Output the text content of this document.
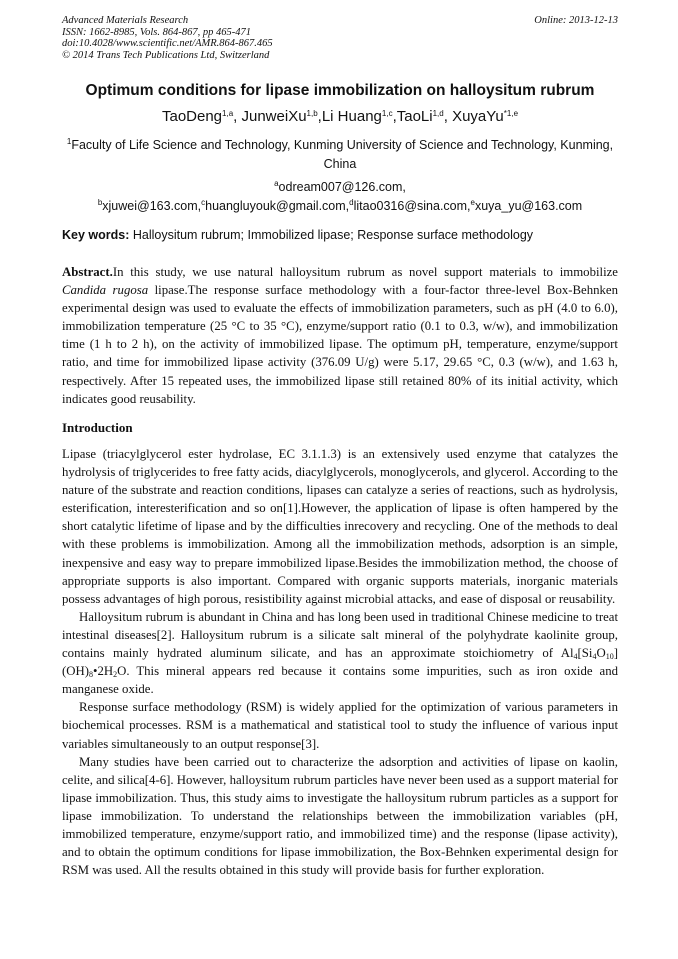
Advanced Materials Research
ISSN: 1662-8985, Vols. 864-867, pp 465-471
doi:10.4028/www.scientific.net/AMR.864-867.465
© 2014 Trans Tech Publications Ltd, Switzerland
Online: 2013-12-13
Optimum conditions for lipase immobilization on halloysitum rubrum
TaoDeng$^{1,a}$, JunweiXu$^{1,b}$,Li Huang$^{1,c}$,TaoLi$^{1,d}$, XuyaYu$^{*1,e}$
$^1$Faculty of Life Science and Technology, Kunming University of Science and Technology, Kunming, China
$^a$odream007@126.com,
$^b$xjuwei@163.com,$^c$huangluyouk@gmail.com,$^d$litao0316@sina.com,$^e$xuya_yu@163.com
Key words: Halloysitum rubrum; Immobilized lipase; Response surface methodology
Abstract.In this study, we use natural halloysitum rubrum as novel support materials to immobilize Candida rugosa lipase.The response surface methodology with a four-factor three-level Box-Behnken experimental design was used to evaluate the effects of immobilization parameters, such as pH (4.0 to 6.0), immobilization temperature (25 °C to 35 °C), enzyme/support ratio (0.1 to 0.3, w/w), and immobilization time (1 h to 2 h), on the activity of immobilized lipase. The optimum pH, temperature, enzyme/support ratio, and time for immobilized lipase activity (376.09 U/g) were 5.17, 29.65 °C, 0.3 (w/w), and 1.63 h, respectively. After 15 repeated uses, the immobilized lipase still retained 80% of its initial activity, which indicates good reusability.
Introduction

Lipase (triacylglycerol ester hydrolase, EC 3.1.1.3) is an extensively used enzyme that catalyzes the hydrolysis of triglycerides to free fatty acids, diacylglycerols, monoglycerols, and glycerol. According to the nature of the substrate and reaction conditions, lipases can catalyze a series of reactions, such as hydrolysis, esterification, interesterification and so on[1].However, the application of lipase is often hampered by the short catalytic lifetime of lipase and by the difficulties inrecovery and recycling. One of the methods to deal with these problems is immobilization. Among all the immobilization methods, adsorption is an simple, inexpensive and easy way to prepare immobilized lipase.Besides the immobilization method, the choose of appropriate supports is also important. Compared with organic supports materials, inorganic materials possess advantages of high porous, resistibility against microbial attacks, and ease of disposal or reusability.

Halloysitum rubrum is abundant in China and has long been used in traditional Chinese medicine to treat intestinal diseases[2]. Halloysitum rubrum is a silicate salt mineral of the polyhydrate kaolinite group, contains mainly hydrated aluminum silicate, and has an approximate stoichiometry of $Al_4[Si_4O_{10}](OH)_8•2H_2O$. This mineral appears red because it contains some impurities, such as iron oxide and manganese oxide.

Response surface methodology (RSM) is widely applied for the optimization of various parameters in biochemical processes. RSM is a mathematical and statistical tool to study the influence of various input variables simultaneously to an output response[3].

Many studies have been carried out to characterize the adsorption and activities of lipase on kaolin, celite, and silica[4-6]. However, halloysitum rubrum particles have never been used as a support material for lipase immobilization. Thus, this study aims to investigate the halloysitum rubrum particles as a support for lipase immobilization. To understand the relationships between the immobilization variables (pH, immobilized temperature, enzyme/support ratio, and immobilized time) and the response (lipase activity), and to obtain the optimum conditions for lipase immobilization, the Box-Behnken experimental design for RSM was used. All the results obtained in this study will provide basis for further exploration.
